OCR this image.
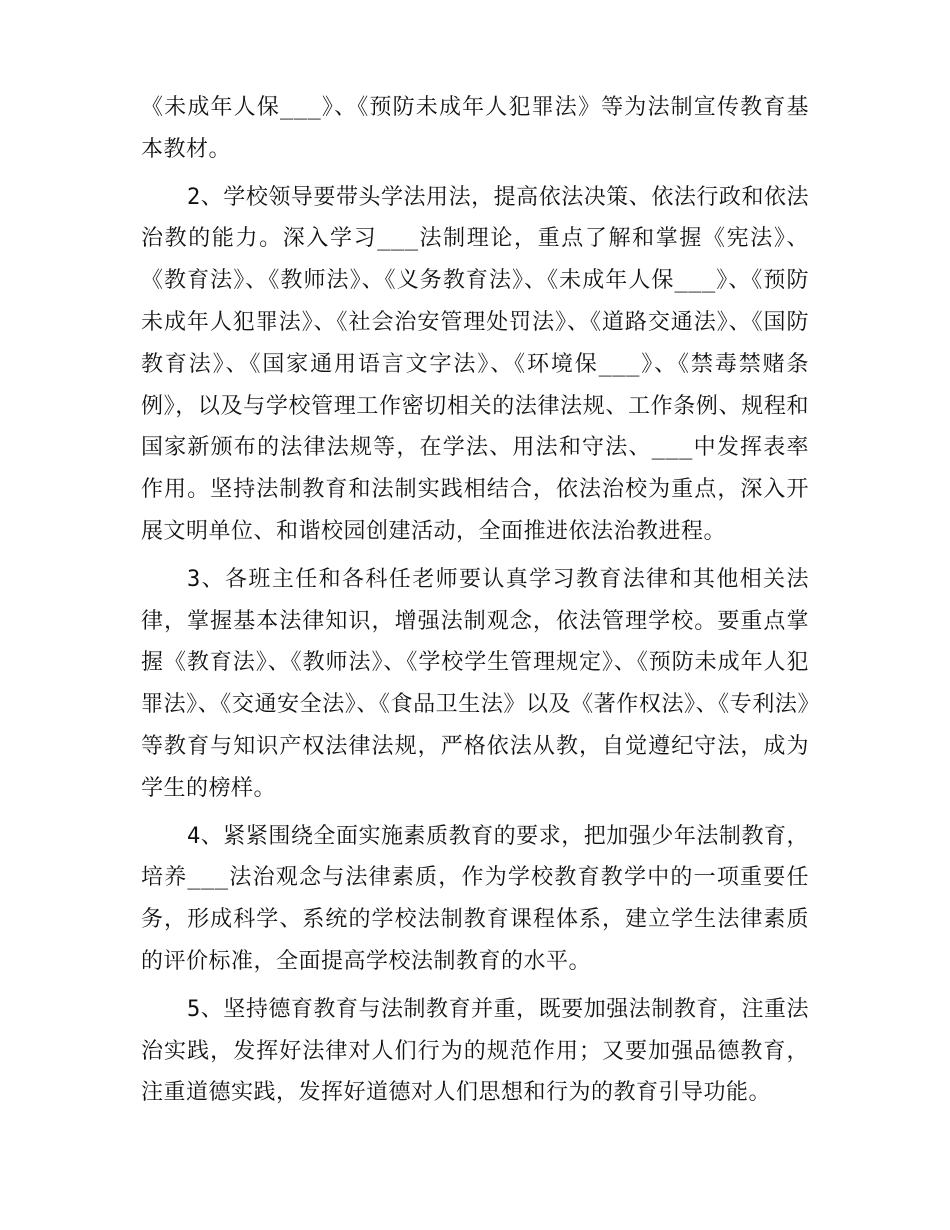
《未成年人保___》、《预防未成年人犯罪法》等为法制宣传教育基本教材。

2、学校领导要带头学法用法，提高依法决策、依法行政和依法治教的能力。深入学习___法制理论，重点了解和掌握《宪法》、《教育法》、《教师法》、《义务教育法》、《未成年人保___》、《预防未成年人犯罪法》、《社会治安管理处罚法》、《道路交通法》、《国防教育法》、《国家通用语言文字法》、《环境保___》、《禁毒禁赌条例》，以及与学校管理工作密切相关的法律法规、工作条例、规程和国家新颁布的法律法规等，在学法、用法和守法、___中发挥表率作用。坚持法制教育和法制实践相结合，依法治校为重点，深入开展文明单位、和谐校园创建活动，全面推进依法治教进程。

3、各班主任和各科任老师要认真学习教育法律和其他相关法律，掌握基本法律知识，增强法制观念，依法管理学校。要重点掌握《教育法》、《教师法》、《学校学生管理规定》、《预防未成年人犯罪法》、《交通安全法》、《食品卫生法》以及《著作权法》、《专利法》等教育与知识产权法律法规，严格依法从教，自觉遵纪守法，成为学生的榜样。

4、紧紧围绕全面实施素质教育的要求，把加强少年法制教育，培养___法治观念与法律素质，作为学校教育教学中的一项重要任务，形成科学、系统的学校法制教育课程体系，建立学生法律素质的评价标准，全面提高学校法制教育的水平。

5、坚持德育教育与法制教育并重，既要加强法制教育，注重法治实践，发挥好法律对人们行为的规范作用；又要加强品德教育，注重道德实践，发挥好道德对人们思想和行为的教育引导功能。
